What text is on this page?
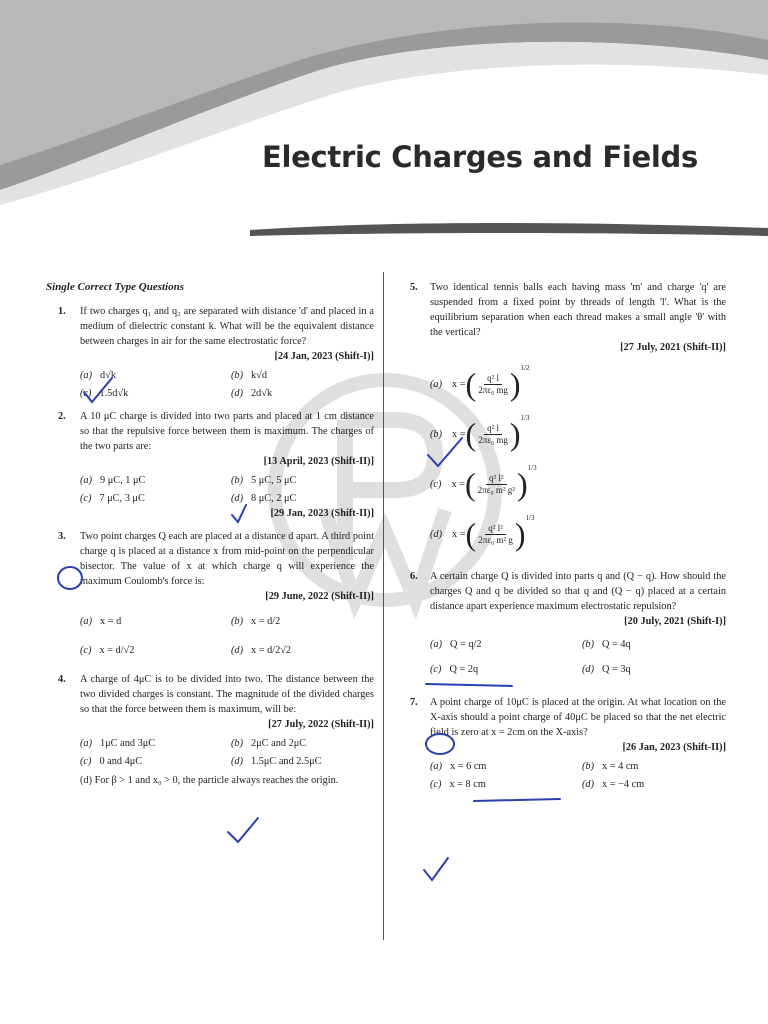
Electric Charges and Fields
Single Correct Type Questions
1. If two charges q₁ and q₂ are separated with distance 'd' and placed in a medium of dielectric constant k. What will be the equivalent distance between charges in air for the same electrostatic force?
[24 Jan, 2023 (Shift-I)]
(a) d√k	(b) k√d
(c) 1.5d√k	(d) 2d√k
2. A 10 μC charge is divided into two parts and placed at 1 cm distance so that the repulsive force between them is maximum. The charges of the two parts are:
[13 April, 2023 (Shift-II)]
(a) 9 μC, 1 μC	(b) 5 μC, 5 μC
(c) 7 μC, 3 μC	(d) 8 μC, 2 μC
[29 Jan, 2023 (Shift-II)]
3. Two point charges Q each are placed at a distance d apart. A third point charge q is placed at a distance x from mid-point on the perpendicular bisector. The value of x at which charge q will experience the maximum Coulomb's force is:
[29 June, 2022 (Shift-II)]
(a) x = d	(b) x = d/2
(c) x = d/√2	(d) x = d/2√2
4. A charge of 4μC is to be divided into two. The distance between the two divided charges is constant. The magnitude of the divided charges so that the force between them is maximum, will be:
[27 July, 2022 (Shift-II)]
(a) 1μC and 3μC	(b) 2μC and 2μC
(c) 0 and 4μC	(d) 1.5μC and 2.5μC
(d) For β > 1 and x₀ > 0, the particle always reaches the origin.
5. Two identical tennis balls each having mass 'm' and charge 'q' are suspended from a fixed point by threads of length 'l'. What is the equilibrium separation when each thread makes a small angle 'θ' with the vertical?
[27 July, 2021 (Shift-II)]
(a) x = ( $\frac{\text{q² l}}{\text{2πε₀ mg}}$ ) 1/2
(b) x = ( $\frac{\text{q² l}}{\text{2πε₀ mg}}$ ) 1/3
(c) x = ( $\frac{\text{q² l²}}{\text{2πε₀ m² g²}}$ ) 1/3
(d) x = ( $\frac{\text{q² l²}}{\text{2πε₀ m² g}}$ ) 1/3
6. A certain charge Q is divided into parts q and (Q − q). How should the charges Q and q be divided so that q and (Q − q) placed at a certain distance apart experience maximum electrostatic repulsion?
[20 July, 2021 (Shift-I)]
(a) Q = q/2	(b) Q = 4q
(c) Q = 2q	(d) Q = 3q
7. A point charge of 10μC is placed at the origin. At what location on the X-axis should a point charge of 40μC be placed so that the net electric field is zero at x = 2cm on the X-axis?
[26 Jan, 2023 (Shift-II)]
(a) x = 6 cm	(b) x = 4 cm
(c) x = 8 cm	(d) x = −4 cm
